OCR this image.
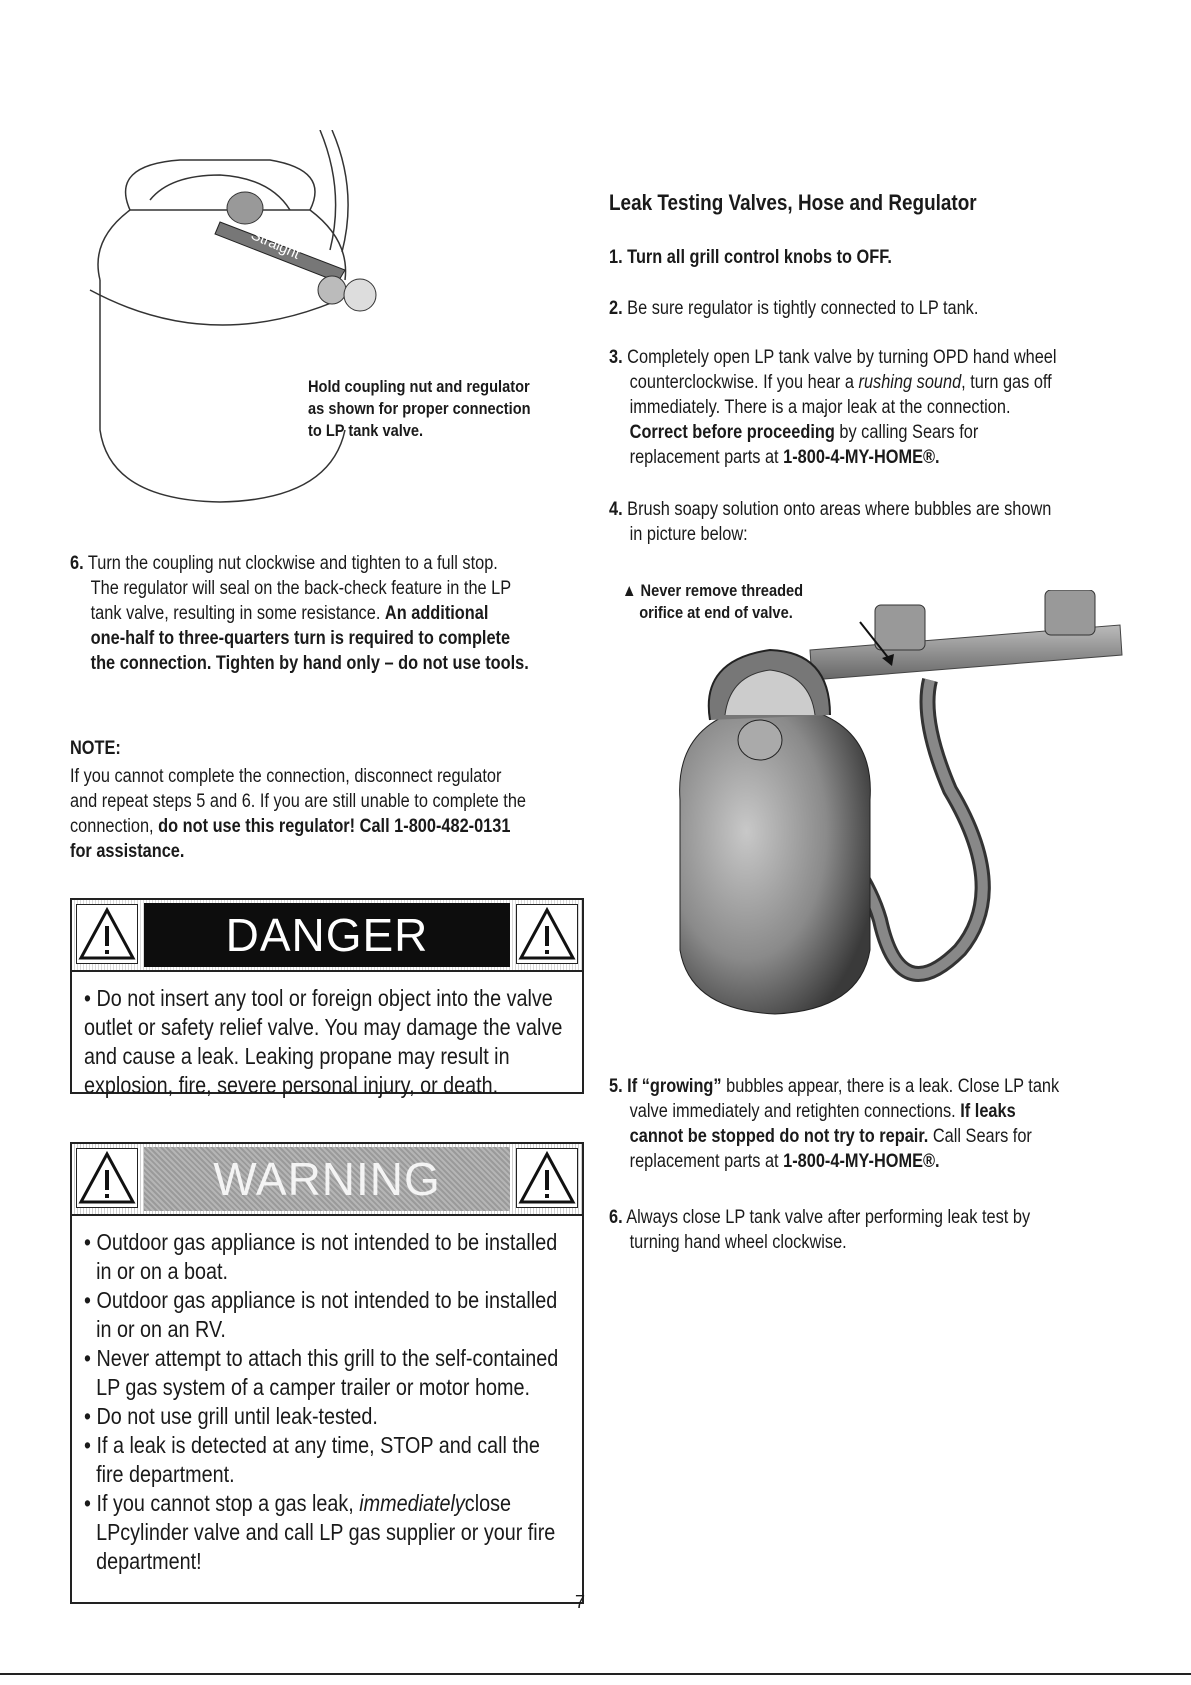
Straight
Hold coupling nut and regulator
as shown for proper connection
to LP tank valve.
6. Turn the coupling nut clockwise and tighten to a full stop.
The regulator will seal on the back-check feature in the LP
tank valve, resulting in some resistance. An additional
one-half to three-quarters turn is required to complete
the connection. Tighten by hand only – do not use tools.
NOTE:
If you cannot complete the connection, disconnect regulator
and repeat steps 5 and 6. If you are still unable to complete the
connection, do not use this regulator! Call 1-800-482-0131
for assistance.
DANGER
• Do not insert any tool or foreign object into the valve
outlet or safety relief valve. You may damage the valve
and cause a leak. Leaking propane may result in
explosion, fire, severe personal injury, or death.
WARNING
• Outdoor gas appliance is not intended to be installed
in or on a boat.
• Outdoor gas appliance is not intended to be installed
in or on an RV.
• Never attempt to attach this grill to the self-contained
LP gas system of a camper trailer or motor home.
• Do not use grill until leak-tested.
• If a leak is detected at any time, STOP and call the
fire department.
• If you cannot stop a gas leak, immediatelyclose
LPcylinder valve and call LP gas supplier or your fire
department!
Leak Testing Valves, Hose and Regulator
1. Turn all grill control knobs to OFF.
2. Be sure regulator is tightly connected to LP tank.
3. Completely open LP tank valve by turning OPD hand wheel
counterclockwise. If you hear a rushing sound, turn gas off
immediately. There is a major leak at the connection.
Correct before proceeding by calling Sears for
replacement parts at 1-800-4-MY-HOME®.
4. Brush soapy solution onto areas where bubbles are shown
in picture below:
▲ Never remove threaded
orifice at end of valve.
5. If “growing” bubbles appear, there is a leak. Close LP tank
valve immediately and retighten connections. If leaks
cannot be stopped do not try to repair. Call Sears for
replacement parts at 1-800-4-MY-HOME®.
6. Always close LP tank valve after performing leak test by
turning hand wheel clockwise.
7
